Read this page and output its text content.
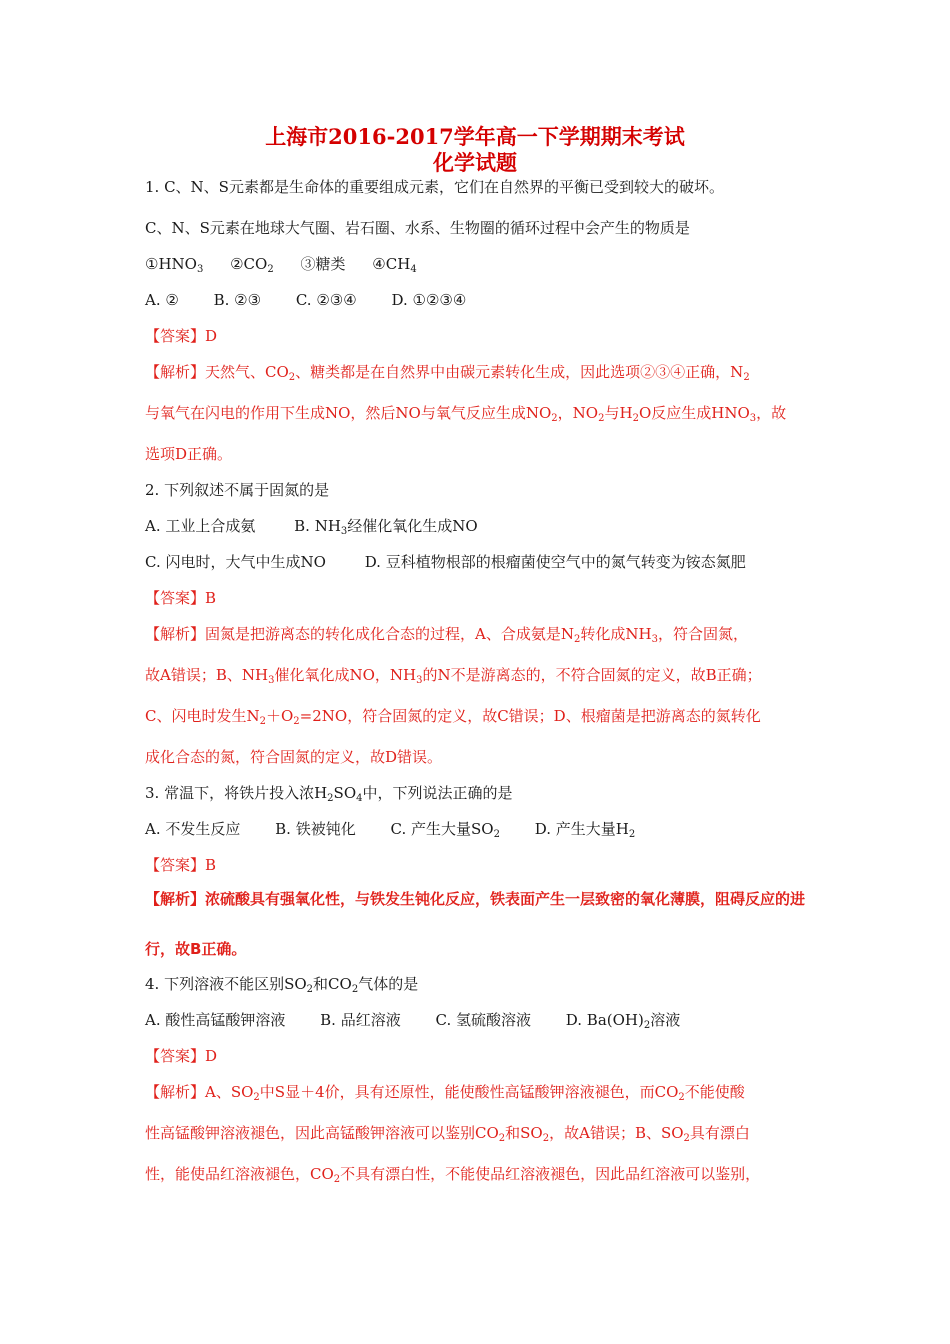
上海市2016-2017学年高一下学期期末考试
化学试题
1. C、N、S元素都是生命体的重要组成元素，它们在自然界的平衡已受到较大的破坏。
C、N、S元素在地球大气圈、岩石圈、水系、生物圈的循环过程中会产生的物质是
$①HNO_3$ $②CO_2$ ③糖类 $④CH_4$
A. ② B. ②③ C. ②③④ D. ①②③④
【答案】D
【解析】天然气、$CO_2$、糖类都是在自然界中由碳元素转化生成，因此选项②③④正确，$N_2$
与氧气在闪电的作用下生成NO，然后NO与氧气反应生成$NO_2$，$NO_2$与$H_2O$反应生成$HNO_3$，故
选项D正确。
2. 下列叙述不属于固氮的是
A. 工业上合成氨	B. $NH_3$经催化氧化生成NO
C. 闪电时，大气中生成NO	D. 豆科植物根部的根瘤菌使空气中的氮气转变为铵态氮肥
【答案】B
【解析】固氮是把游离态的转化成化合态的过程，A、合成氨是$N_2$转化成$NH_3$，符合固氮，
故A错误；B、$NH_3$催化氧化成NO，$NH_3$的N不是游离态的，不符合固氮的定义，故B正确；
C、闪电时发生$N_2+O_2=2NO$，符合固氮的定义，故C错误；D、根瘤菌是把游离态的氮转化
成化合态的氮，符合固氮的定义，故D错误。
3. 常温下，将铁片投入浓$H_2SO_4$中，下列说法正确的是
A. 不发生反应 B. 铁被钝化 C. 产生大量$SO_2$ D. 产生大量$H_2$
【答案】B
【解析】浓硫酸具有强氧化性，与铁发生钝化反应，铁表面产生一层致密的氧化薄膜，阻碍反应的进
行，故B正确。
4. 下列溶液不能区别$SO_2$和$CO_2$气体的是
A. 酸性高锰酸钾溶液 B. 品红溶液 C. 氢硫酸溶液 D. $Ba(OH)_2$溶液
【答案】D
【解析】A、$SO_2$中S显＋4价，具有还原性，能使酸性高锰酸钾溶液褪色，而$CO_2$不能使酸
性高锰酸钾溶液褪色，因此高锰酸钾溶液可以鉴别$CO_2$和$SO_2$，故A错误；B、$SO_2$具有漂白
性，能使品红溶液褪色，$CO_2$不具有漂白性，不能使品红溶液褪色，因此品红溶液可以鉴别，
